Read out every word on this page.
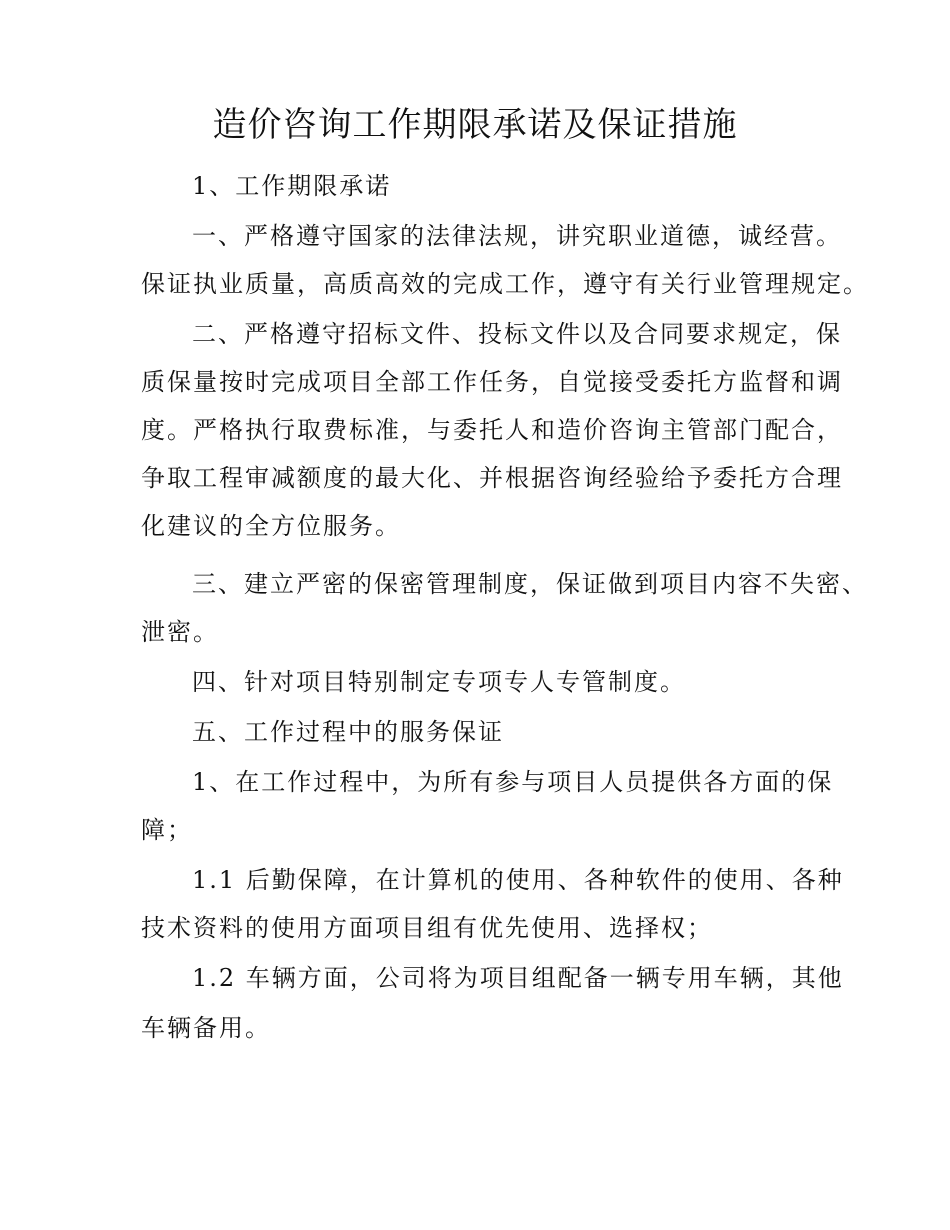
造价咨询工作期限承诺及保证措施

1、工作期限承诺

一、严格遵守国家的法律法规，讲究职业道德，诚经营。

保证执业质量，高质高效的完成工作，遵守有关行业管理规定。

二、严格遵守招标文件、投标文件以及合同要求规定，保

质保量按时完成项目全部工作任务，自觉接受委托方监督和调

度。严格执行取费标准，与委托人和造价咨询主管部门配合，

争取工程审减额度的最大化、并根据咨询经验给予委托方合理

化建议的全方位服务。

三、建立严密的保密管理制度，保证做到项目内容不失密、

泄密。

四、针对项目特别制定专项专人专管制度。

五、工作过程中的服务保证

1、在工作过程中，为所有参与项目人员提供各方面的保

障；

1.1 后勤保障，在计算机的使用、各种软件的使用、各种

技术资料的使用方面项目组有优先使用、选择权；

1.2 车辆方面，公司将为项目组配备一辆专用车辆，其他

车辆备用。
